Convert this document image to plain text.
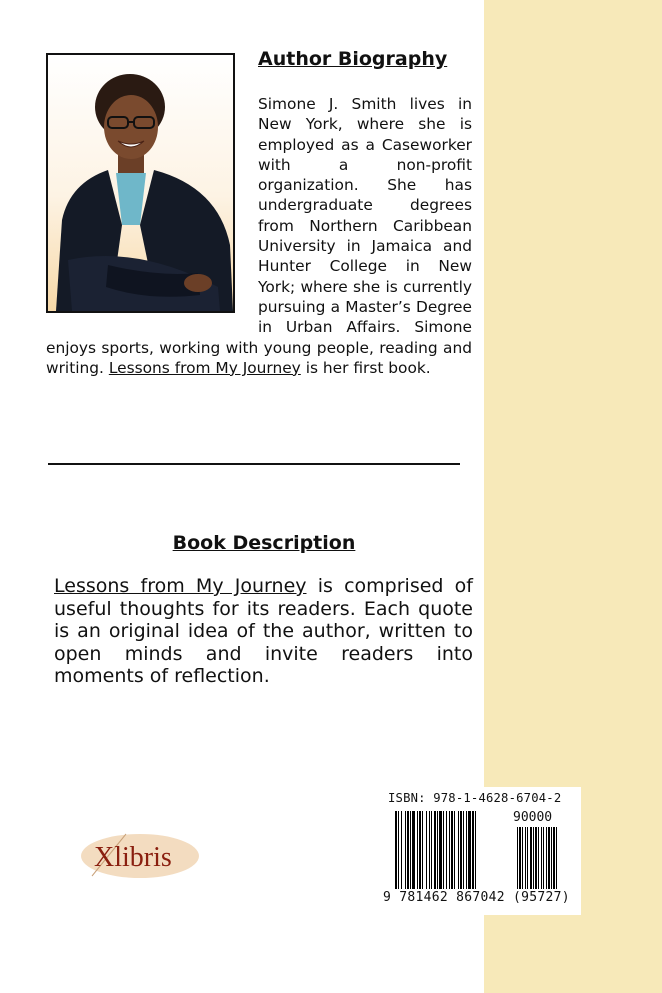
Author Biography

Simone J. Smith lives in New York, where she is employed as a Caseworker with a non-profit organization. She has undergraduate degrees from Northern Caribbean University in Jamaica and Hunter College in New York; where she is currently pursuing a Master’s Degree in Urban Affairs. Simone enjoys sports, working with young people, reading and writing. Lessons from My Journey is her first book.

Book Description

Lessons from My Journey is comprised of useful thoughts for its readers. Each quote is an original idea of the author, written to open minds and invite readers into moments of reflection.

Xlibris
ISBN: 978-1-4628-6704-2
90000
9 781462 867042 (95727)
